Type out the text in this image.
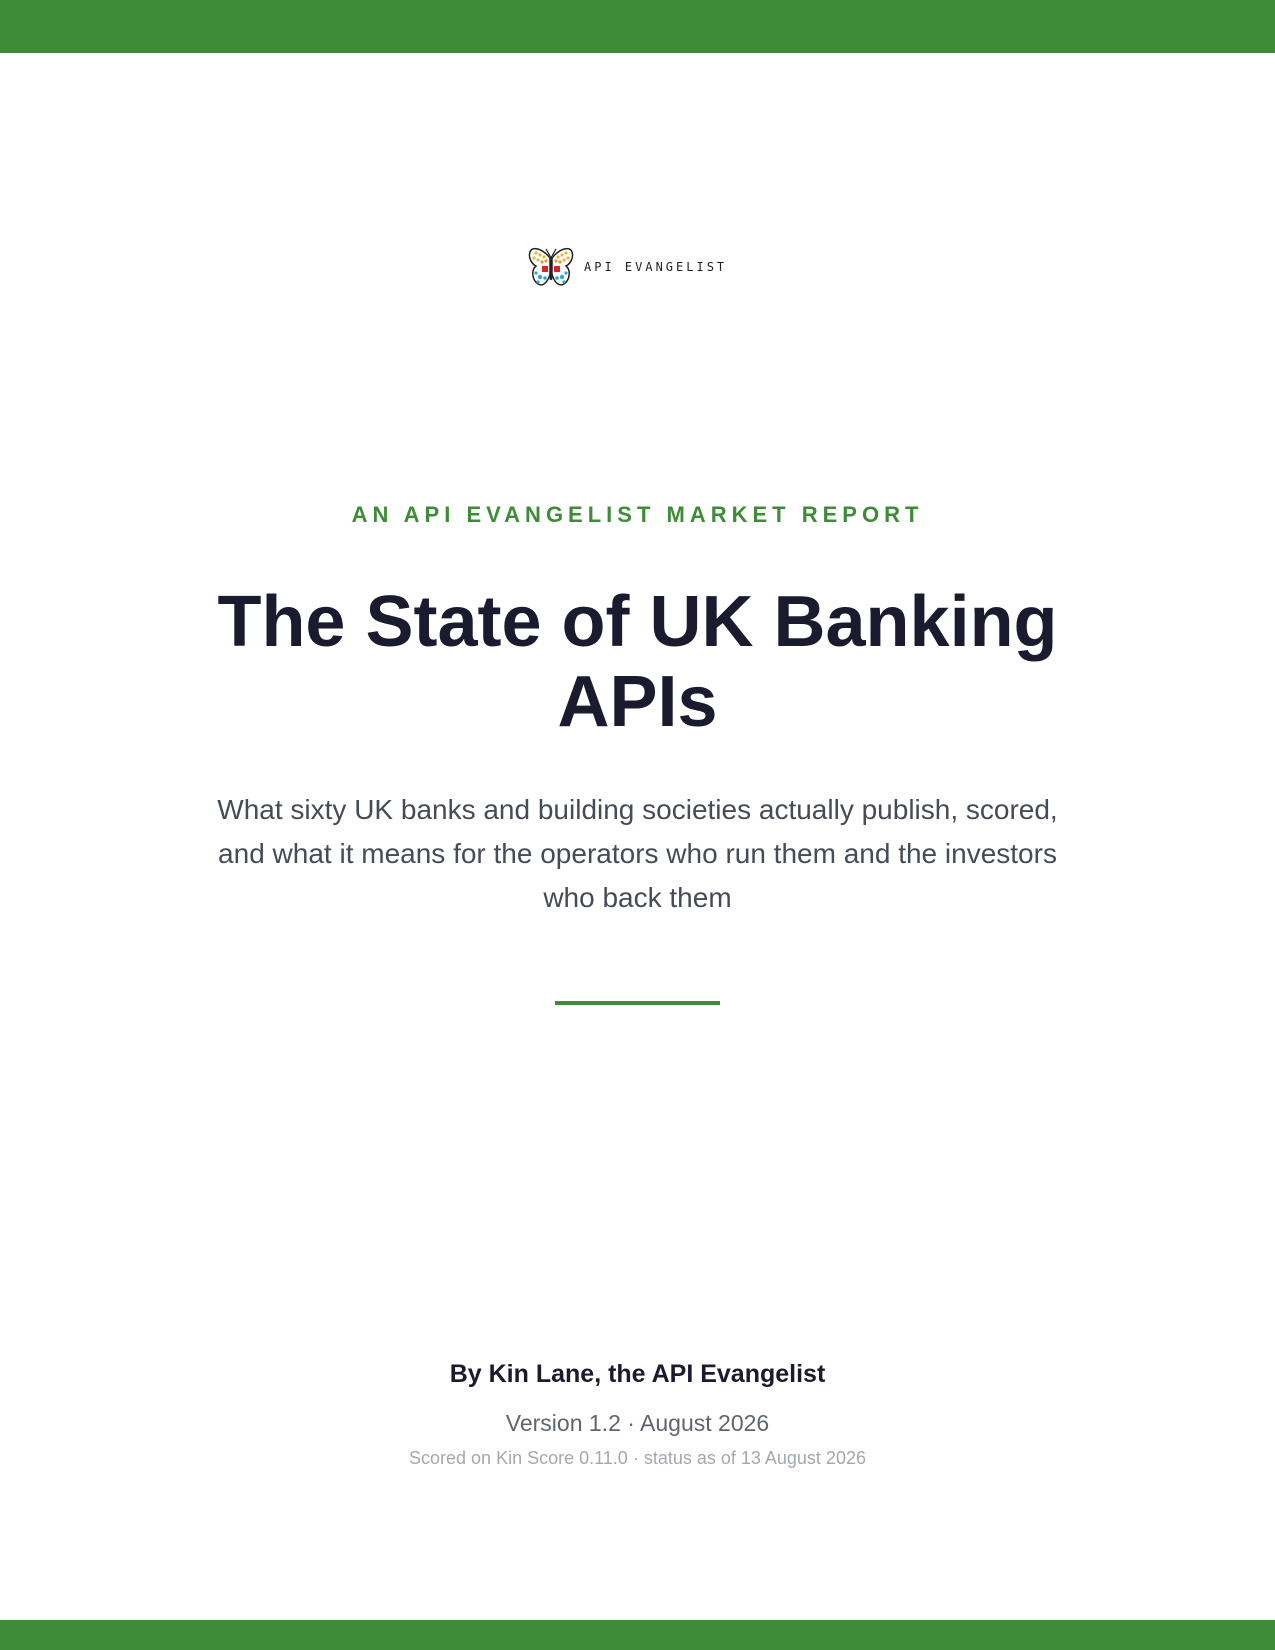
API EVANGELIST
AN API EVANGELIST MARKET REPORT
The State of UK Banking APIs

What sixty UK banks and building societies actually publish, scored, and what it means for the operators who run them and the investors who back them

By Kin Lane, the API Evangelist
Version 1.2 · August 2026
Scored on Kin Score 0.11.0 · status as of 13 August 2026
